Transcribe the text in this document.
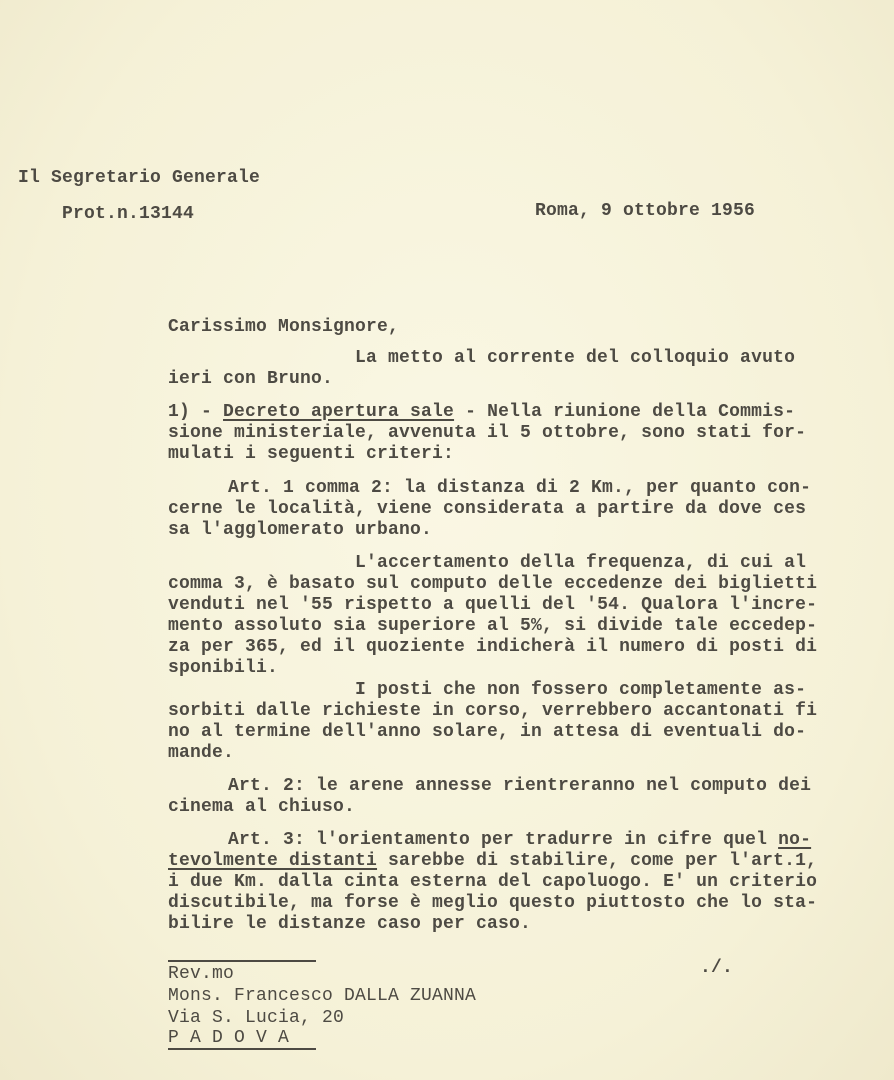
Il Segretario Generale
Prot.n.13144	Roma, 9 ottobre 1956
Carissimo Monsignore,
La metto al corrente del colloquio avuto
ieri con Bruno.
1) - Decreto apertura sale - Nella riunione della Commis-
sione ministeriale, avvenuta il 5 ottobre, sono stati for-
mulati i seguenti criteri:
Art. 1 comma 2: la distanza di 2 Km., per quanto con-
cerne le località, viene considerata a partire da dove ces
sa l'agglomerato urbano.
L'accertamento della frequenza, di cui al
comma 3, è basato sul computo delle eccedenze dei biglietti
venduti nel '55 rispetto a quelli del '54. Qualora l'incre-
mento assoluto sia superiore al 5%, si divide tale eccedep-
za per 365, ed il quoziente indicherà il numero di posti di
sponibili.
I posti che non fossero completamente as-
sorbiti dalle richieste in corso, verrebbero accantonati fi
no al termine dell'anno solare, in attesa di eventuali do-
mande.
Art. 2: le arene annesse rientreranno nel computo dei
cinema al chiuso.
Art. 3: l'orientamento per tradurre in cifre quel no-
tevolmente distanti sarebbe di stabilire, come per l'art.1,
i due Km. dalla cinta esterna del capoluogo. E' un criterio
discutibile, ma forse è meglio questo piuttosto che lo sta-
bilire le distanze caso per caso.
./.
Rev.mo
Mons. Francesco DALLA ZUANNA
Via S. Lucia, 20
P A D O V A
